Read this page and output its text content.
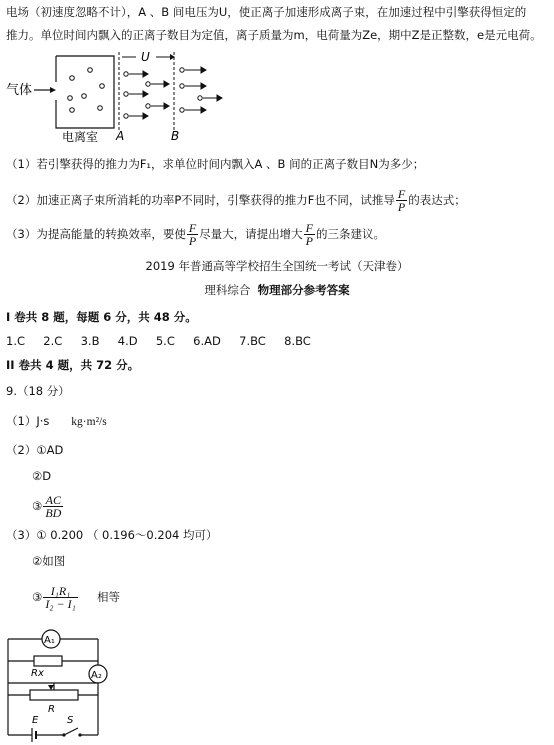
电场（初速度忽略不计），A 、B 间电压为U，使正离子加速形成离子束，在加速过程中引擎获得恒定的
推力。单位时间内飘入的正离子数目为定值，离子质量为m，电荷量为Ze，期中Z是正整数，e是元电荷。
气体
电离室 A	B
U
（1）若引擎获得的推力为F₁，求单位时间内飘入A 、B 间的正离子数目N为多少；
（2）加速正离子束所消耗的功率P不同时，引擎获得的推力F也不同，试推导 $\frac{F}{P}$ 的表达式；
（3）为提高能量的转换效率，要使 $\frac{F}{P}$ 尽量大，请提出增大 $\frac{F}{P}$ 的三条建议。
2019 年普通高等学校招生全国统一考试（天津卷）
理科综合 物理部分参考答案
I 卷共 8 题，每题 6 分，共 48 分。
1.C 2.C 3.B 4.D 5.C 6.AD 7.BC 8.BC
II 卷共 4 题，共 72 分。
9.（18 分）
（1）J·s kg·m²/s
（2）①AD
②D
③ $\frac{AC}{BD}$
（3）① 0.200 （ 0.196～0.204 均可）
②如图
③ $\frac{\text{I₁R₁}}{\text{I₂ − I₁}}$ 相等
A₁
A₂
Rx
R
E	S
